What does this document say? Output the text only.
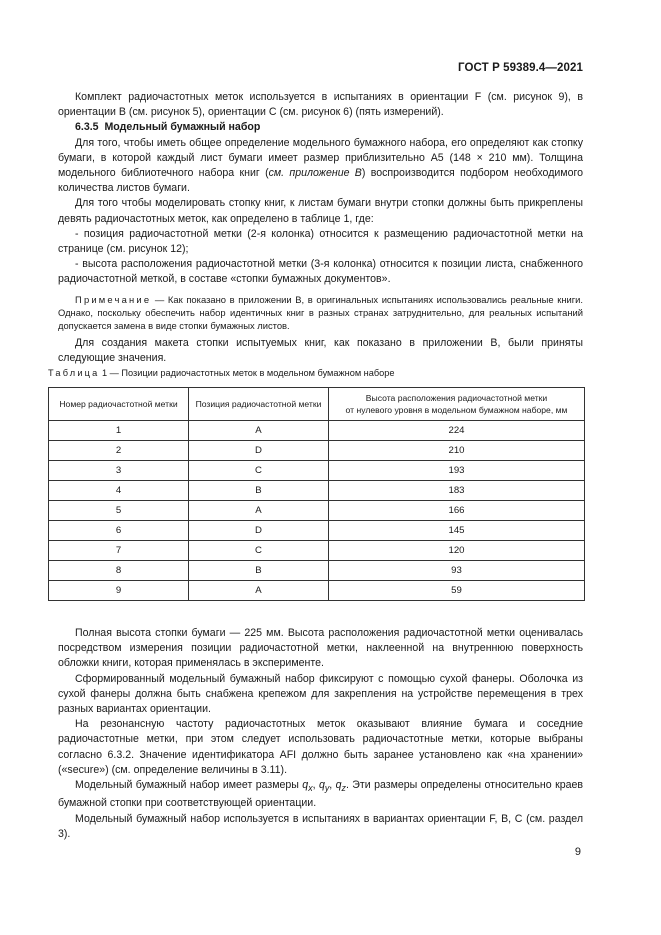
ГОСТ Р 59389.4—2021

Комплект радиочастотных меток используется в испытаниях в ориентации F (см. рисунок 9), в ориентации B (см. рисунок 5), ориентации C (см. рисунок 6) (пять измерений).

6.3.5 Модельный бумажный набор

Для того, чтобы иметь общее определение модельного бумажного набора, его определяют как стопку бумаги, в которой каждый лист бумаги имеет размер приблизительно A5 (148 × 210 мм). Толщина модельного библиотечного набора книг (см. приложение В) воспроизводится подбором необходимого количества листов бумаги.

Для того чтобы моделировать стопку книг, к листам бумаги внутри стопки должны быть прикреплены девять радиочастотных меток, как определено в таблице 1, где:

- позиция радиочастотной метки (2-я колонка) относится к размещению радиочастотной метки на странице (см. рисунок 12);

- высота расположения радиочастотной метки (3-я колонка) относится к позиции листа, снабженного радиочастотной меткой, в составе «стопки бумажных документов».

Примечание — Как показано в приложении В, в оригинальных испытаниях использовались реальные книги. Однако, поскольку обеспечить набор идентичных книг в разных странах затруднительно, для реальных испытаний допускается замена в виде стопки бумажных листов.

Для создания макета стопки испытуемых книг, как показано в приложении В, были приняты следующие значения.

Таблица 1 — Позиции радиочастотных меток в модельном бумажном наборе
Номер радиочастотной метки	Позиция радиочастотной метки	Высота расположения радиочастотной метки
от нулевого уровня в модельном бумажном наборе, мм
1	A	224
2	D	210
3	C	193
4	B	183
5	A	166
6	D	145
7	C	120
8	B	93
9	A	59

Полная высота стопки бумаги — 225 мм. Высота расположения радиочастотной метки оценивалась посредством измерения позиции радиочастотной метки, наклеенной на внутреннюю поверхность обложки книги, которая применялась в эксперименте.

Сформированный модельный бумажный набор фиксируют с помощью сухой фанеры. Оболочка из сухой фанеры должна быть снабжена крепежом для закрепления на устройстве перемещения в трех разных вариантах ориентации.

На резонансную частоту радиочастотных меток оказывают влияние бумага и соседние радиочастотные метки, при этом следует использовать радиочастотные метки, которые выбраны согласно 6.3.2. Значение идентификатора AFI должно быть заранее установлено как «на хранении» («secure») (см. определение величины в 3.11).

Модельный бумажный набор имеет размеры $q_x$, $q_y$, $q_z$. Эти размеры определены относительно краев бумажной стопки при соответствующей ориентации.

Модельный бумажный набор используется в испытаниях в вариантах ориентации F, B, C (см. раздел 3).

9
